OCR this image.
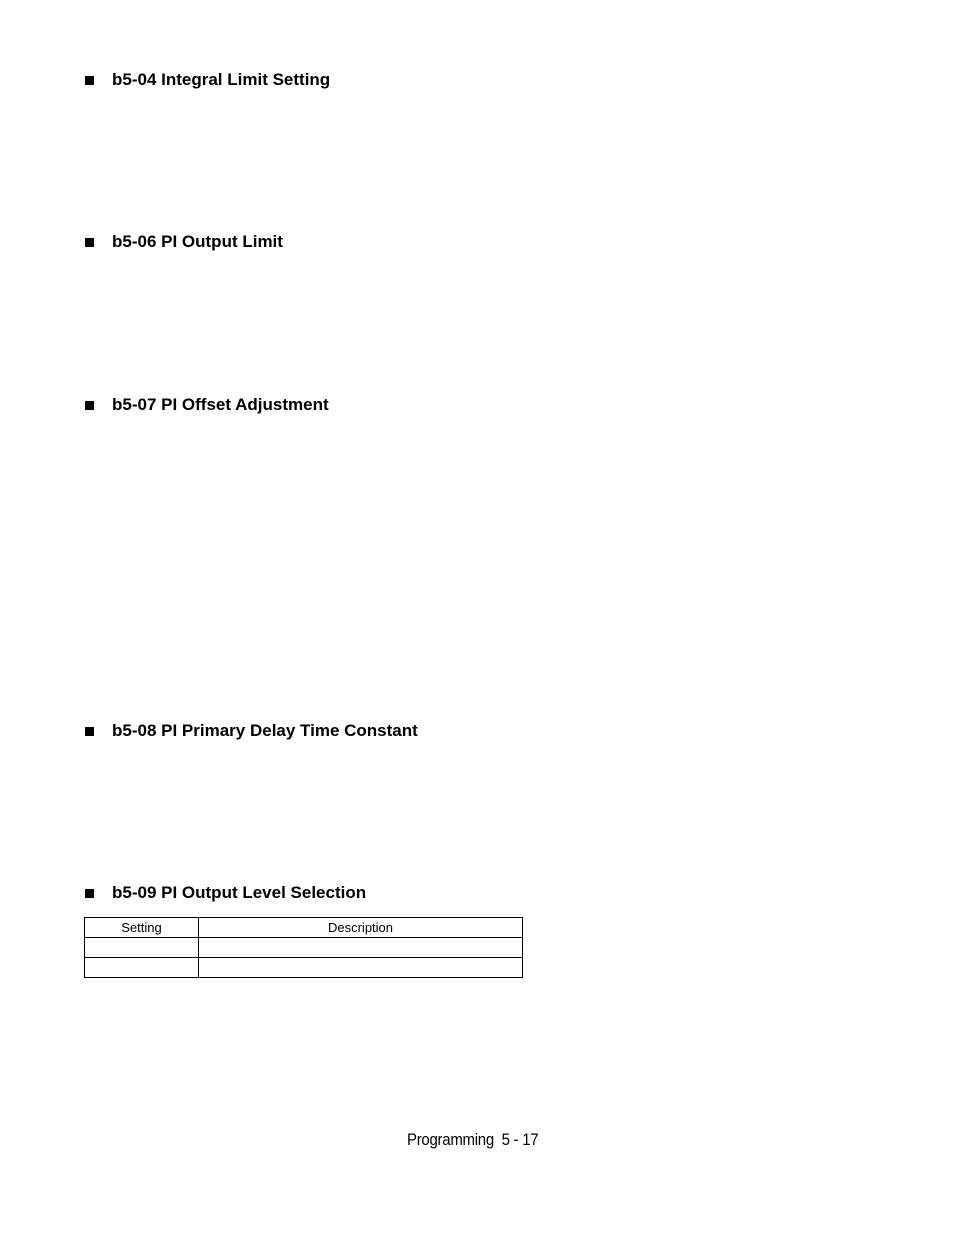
b5-04 Integral Limit Setting
b5-06 PI Output Limit
b5-07 PI Offset Adjustment
b5-08 PI Primary Delay Time Constant
b5-09 PI Output Level Selection
Setting	Description

Programming  5 - 17
